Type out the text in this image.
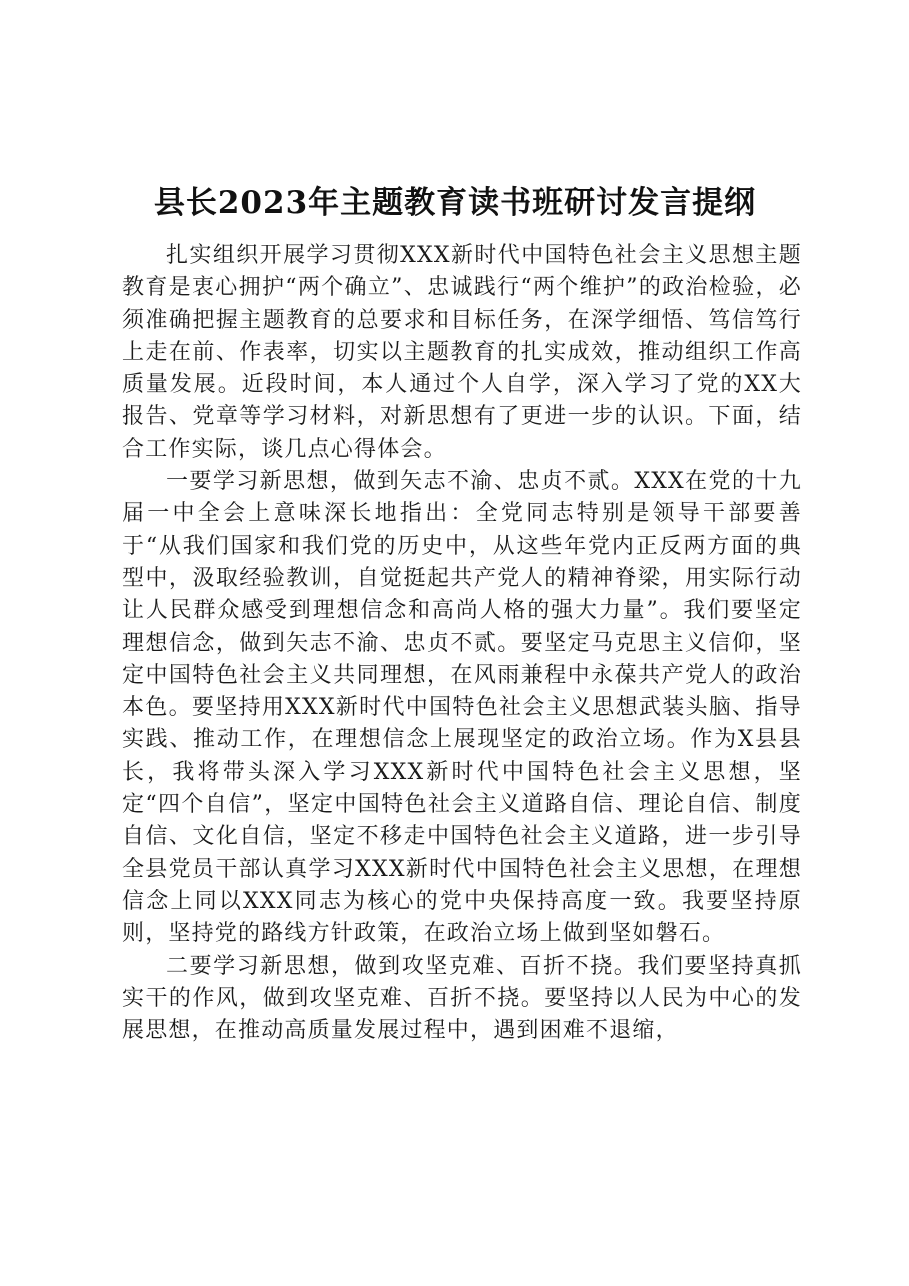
县长2023年主题教育读书班研讨发言提纲

扎实组织开展学习贯彻XXX新时代中国特色社会主义思想主题教育是衷心拥护“两个确立”、忠诚践行“两个维护”的政治检验，必须准确把握主题教育的总要求和目标任务，在深学细悟、笃信笃行上走在前、作表率，切实以主题教育的扎实成效，推动组织工作高质量发展。近段时间，本人通过个人自学，深入学习了党的XX大报告、党章等学习材料，对新思想有了更进一步的认识。下面，结合工作实际，谈几点心得体会。

一要学习新思想，做到矢志不渝、忠贞不贰。XXX在党的十九届一中全会上意味深长地指出：全党同志特别是领导干部要善于“从我们国家和我们党的历史中，从这些年党内正反两方面的典型中，汲取经验教训，自觉挺起共产党人的精神脊梁，用实际行动让人民群众感受到理想信念和高尚人格的强大力量”。我们要坚定理想信念，做到矢志不渝、忠贞不贰。要坚定马克思主义信仰，坚定中国特色社会主义共同理想，在风雨兼程中永葆共产党人的政治本色。要坚持用XXX新时代中国特色社会主义思想武装头脑、指导实践、推动工作，在理想信念上展现坚定的政治立场。作为X县县长，我将带头深入学习XXX新时代中国特色社会主义思想，坚定“四个自信”，坚定中国特色社会主义道路自信、理论自信、制度自信、文化自信，坚定不移走中国特色社会主义道路，进一步引导全县党员干部认真学习XXX新时代中国特色社会主义思想，在理想信念上同以XXX同志为核心的党中央保持高度一致。我要坚持原则，坚持党的路线方针政策，在政治立场上做到坚如磐石。

二要学习新思想，做到攻坚克难、百折不挠。我们要坚持真抓实干的作风，做到攻坚克难、百折不挠。要坚持以人民为中心的发展思想，在推动高质量发展过程中，遇到困难不退缩，
